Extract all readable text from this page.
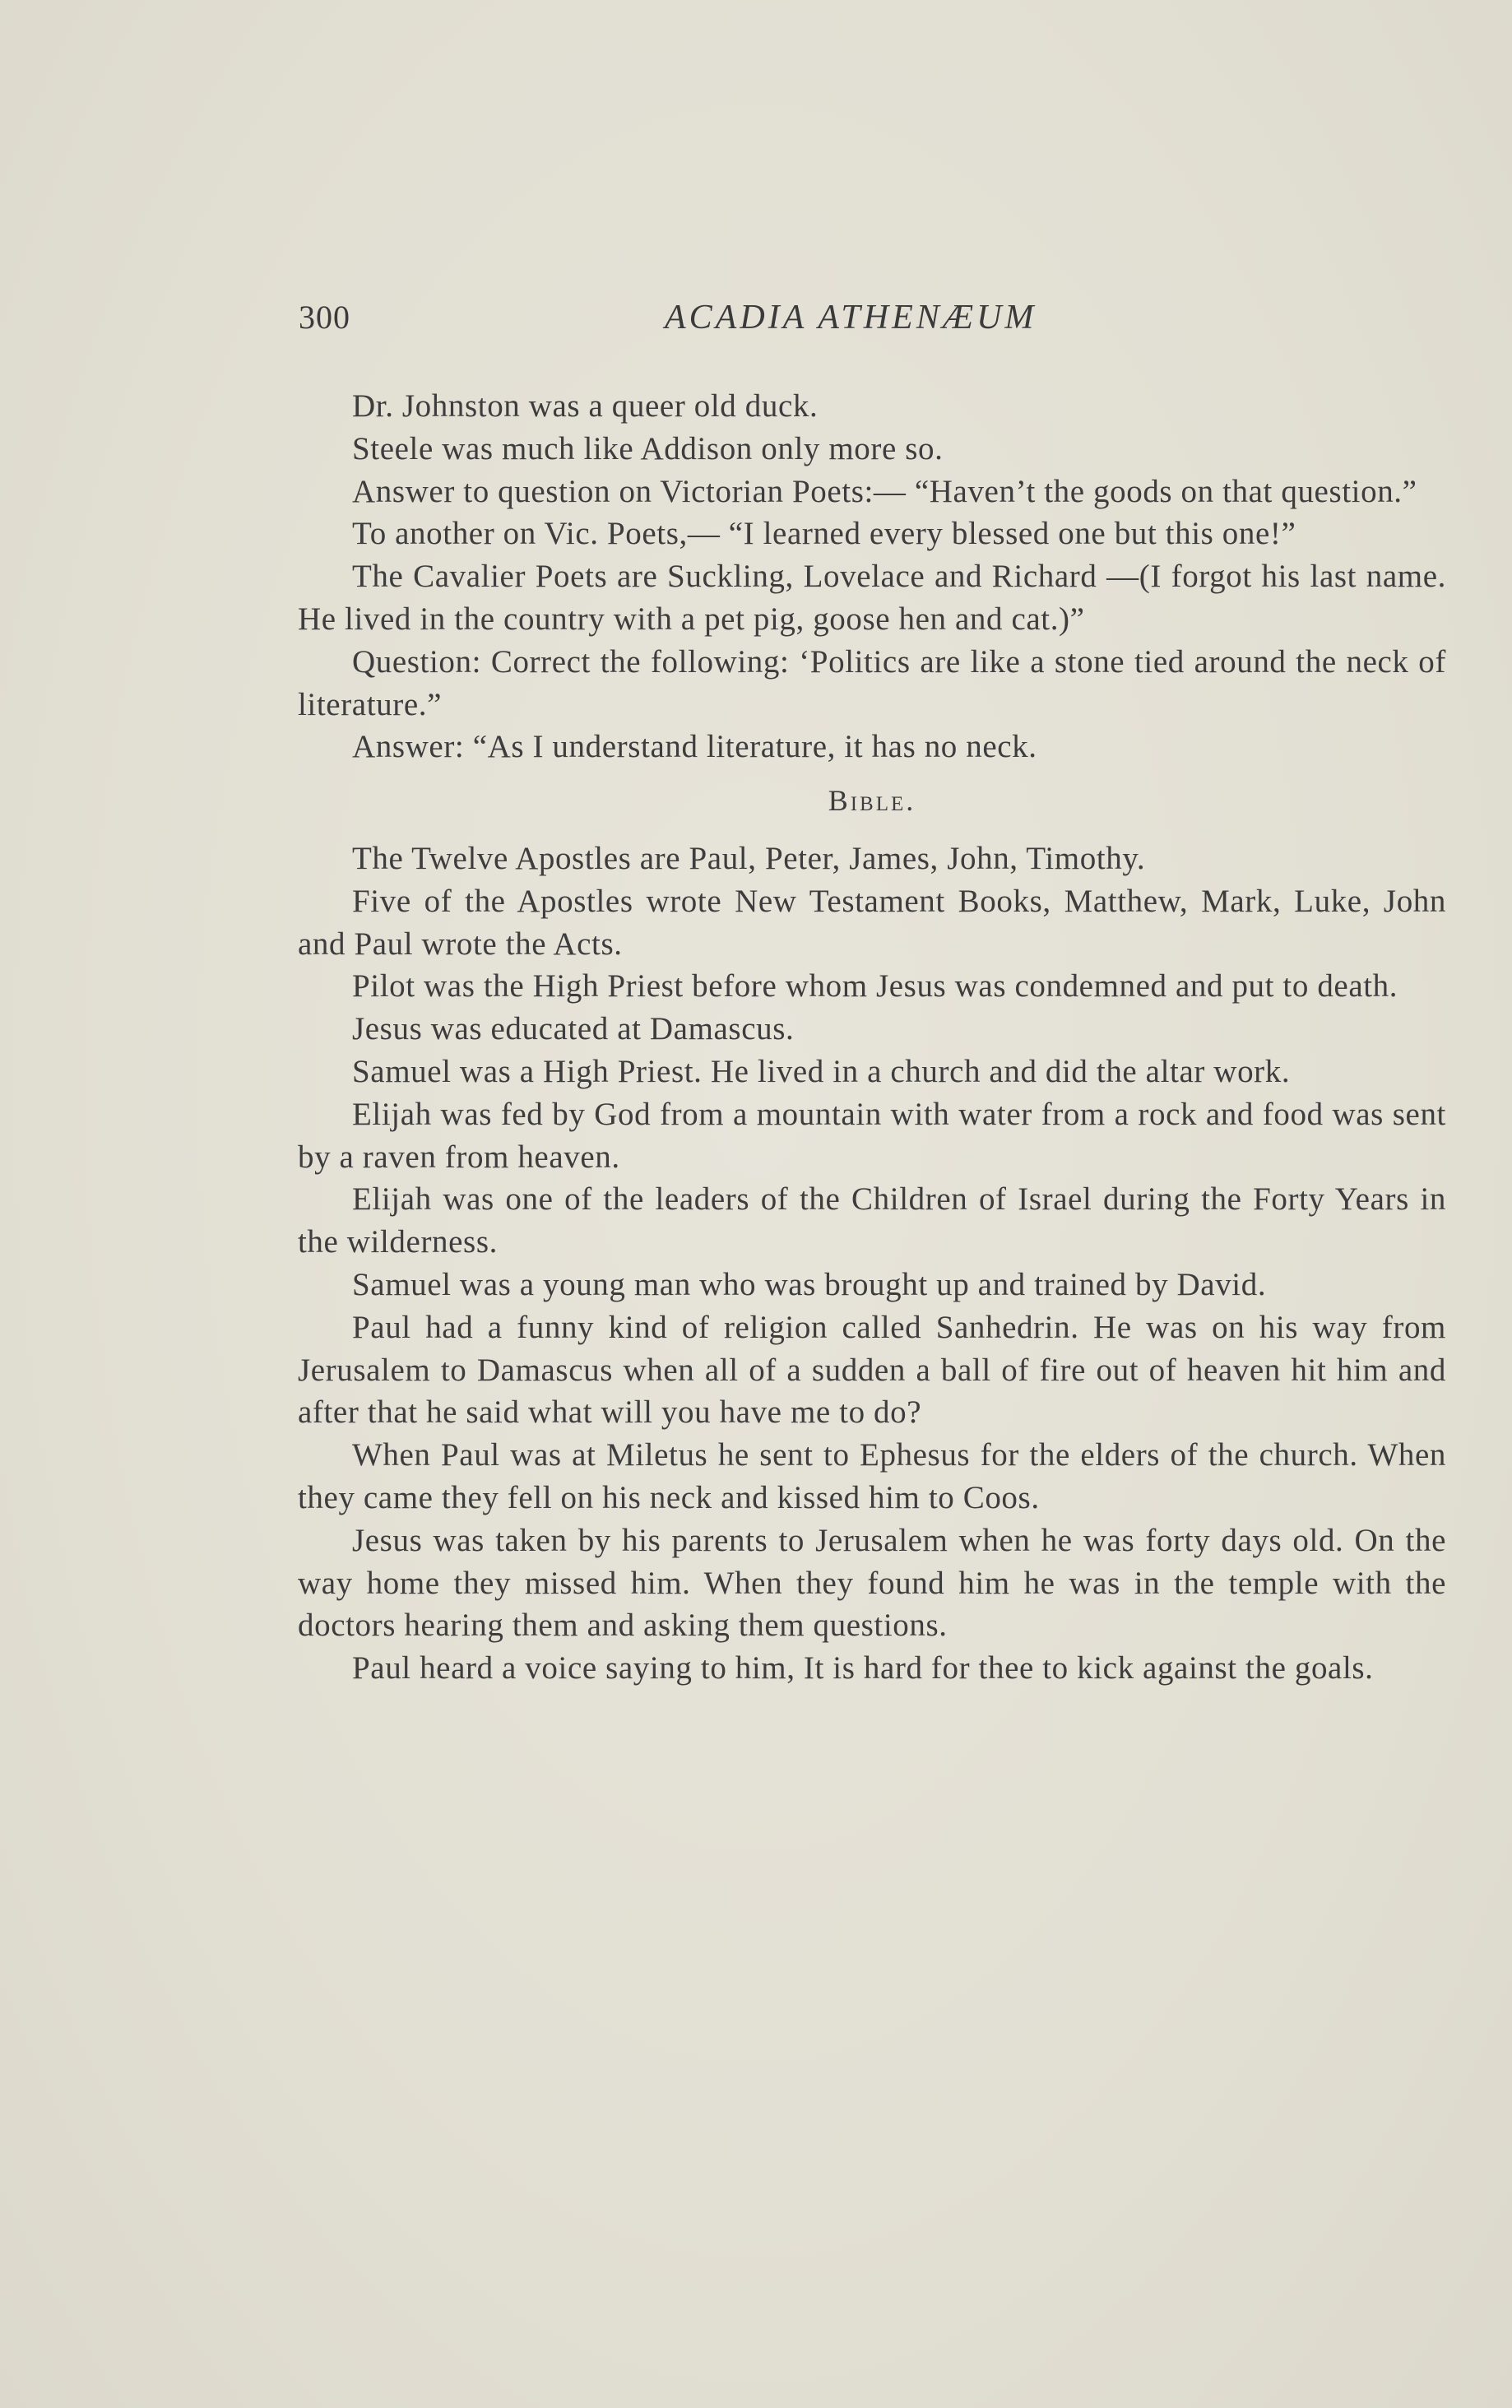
300	ACADIA ATHENÆUM

Dr. Johnston was a queer old duck.

Steele was much like Addison only more so.

Answer to question on Victorian Poets:— “Haven’t the goods on that question.”

To another on Vic. Poets,— “I learned every blessed one but this one!”

The Cavalier Poets are Suckling, Lovelace and Richard —(I forgot his last name. He lived in the country with a pet pig, goose hen and cat.)”

Question: Correct the following: ‘Politics are like a stone tied around the neck of literature.”

Answer: “As I understand literature, it has no neck.

Bible.

The Twelve Apostles are Paul, Peter, James, John, Timothy.

Five of the Apostles wrote New Testament Books, Matthew, Mark, Luke, John and Paul wrote the Acts.

Pilot was the High Priest before whom Jesus was condemned and put to death.

Jesus was educated at Damascus.

Samuel was a High Priest. He lived in a church and did the altar work.

Elijah was fed by God from a mountain with water from a rock and food was sent by a raven from heaven.

Elijah was one of the leaders of the Children of Israel during the Forty Years in the wilderness.

Samuel was a young man who was brought up and trained by David.

Paul had a funny kind of religion called Sanhedrin. He was on his way from Jerusalem to Damascus when all of a sudden a ball of fire out of heaven hit him and after that he said what will you have me to do?

When Paul was at Miletus he sent to Ephesus for the elders of the church. When they came they fell on his neck and kissed him to Coos.

Jesus was taken by his parents to Jerusalem when he was forty days old. On the way home they missed him. When they found him he was in the temple with the doctors hearing them and asking them questions.

Paul heard a voice saying to him, It is hard for thee to kick against the goals.
